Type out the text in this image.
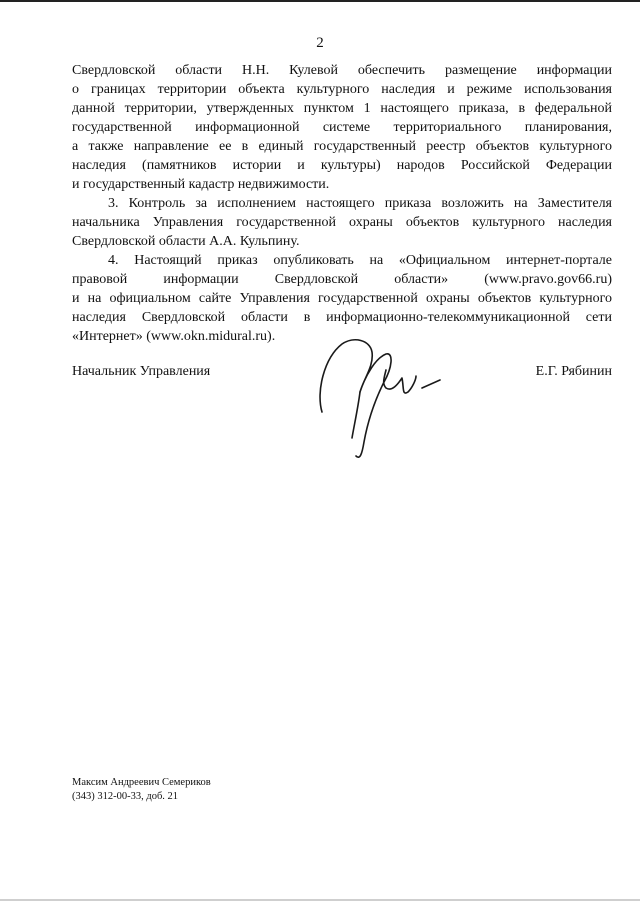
2

Свердловской области Н.Н. Кулевой обеспечить размещение информации
о границах территории объекта культурного наследия и режиме использования
данной территории, утвержденных пунктом 1 настоящего приказа, в федеральной
государственной информационной системе территориального планирования,
а также направление ее в единый государственный реестр объектов культурного
наследия (памятников истории и культуры) народов Российской Федерации
и государственный кадастр недвижимости.

3. Контроль за исполнением настоящего приказа возложить на Заместителя
начальника Управления государственной охраны объектов культурного наследия
Свердловской области А.А. Кульпину.

4. Настоящий приказ опубликовать на «Официальном интернет-портале
правовой информации Свердловской области» (www.pravo.gov66.ru)
и на официальном сайте Управления государственной охраны объектов культурного
наследия Свердловской области в информационно-телекоммуникационной сети
«Интернет» (www.okn.midural.ru).

Начальник Управления	Е.Г. Рябинин
Максим Андреевич Семериков
(343) 312-00-33, доб. 21
